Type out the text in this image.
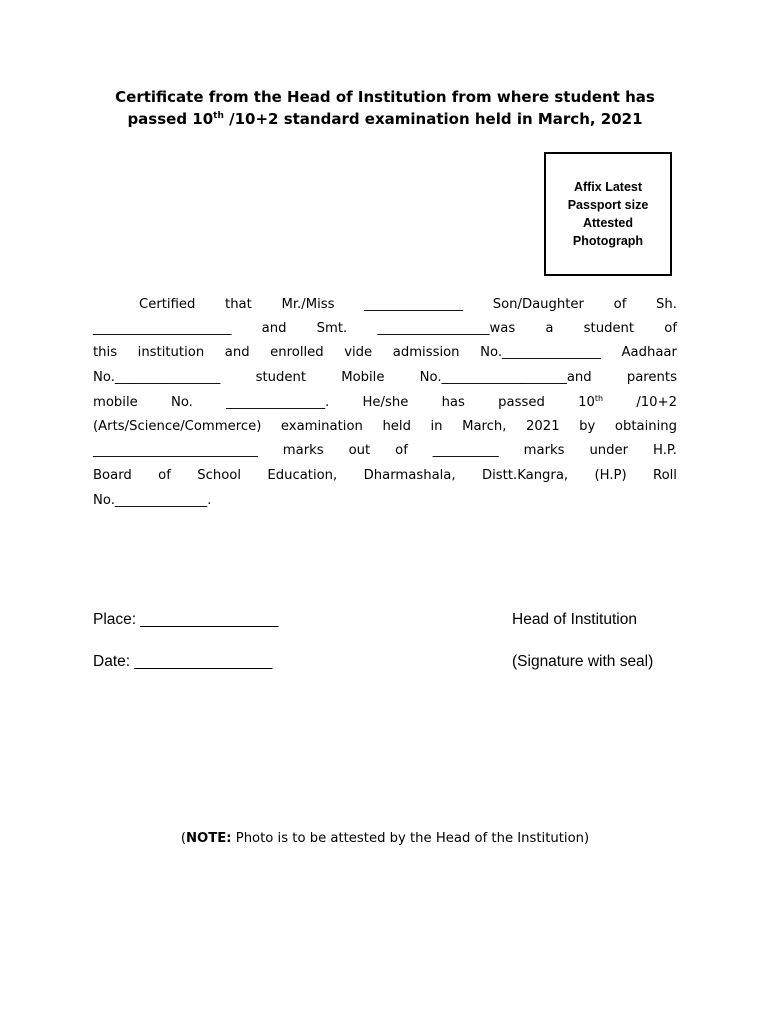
Certificate from the Head of Institution from where student has
passed 10th /10+2 standard examination held in March, 2021
Affix Latest
Passport size
Attested
Photograph
Certified that Mr./Miss _______________ Son/Daughter of Sh.
_____________________ and Smt. _________________was a student of
this institution and enrolled vide admission No._______________ Aadhaar
No.________________	student	Mobile	No.___________________and	parents
mobile	No.	_______________.	He/she	has	passed	10th	/10+2
(Arts/Science/Commerce) examination held in March, 2021 by obtaining
_________________________ marks out of __________ marks under H.P.
Board of School Education, Dharmashala, Distt.Kangra, (H.P) Roll
No.______________.
Place: ________________
Date: ________________
Head of Institution
(Signature with seal)
(NOTE: Photo is to be attested by the Head of the Institution)
